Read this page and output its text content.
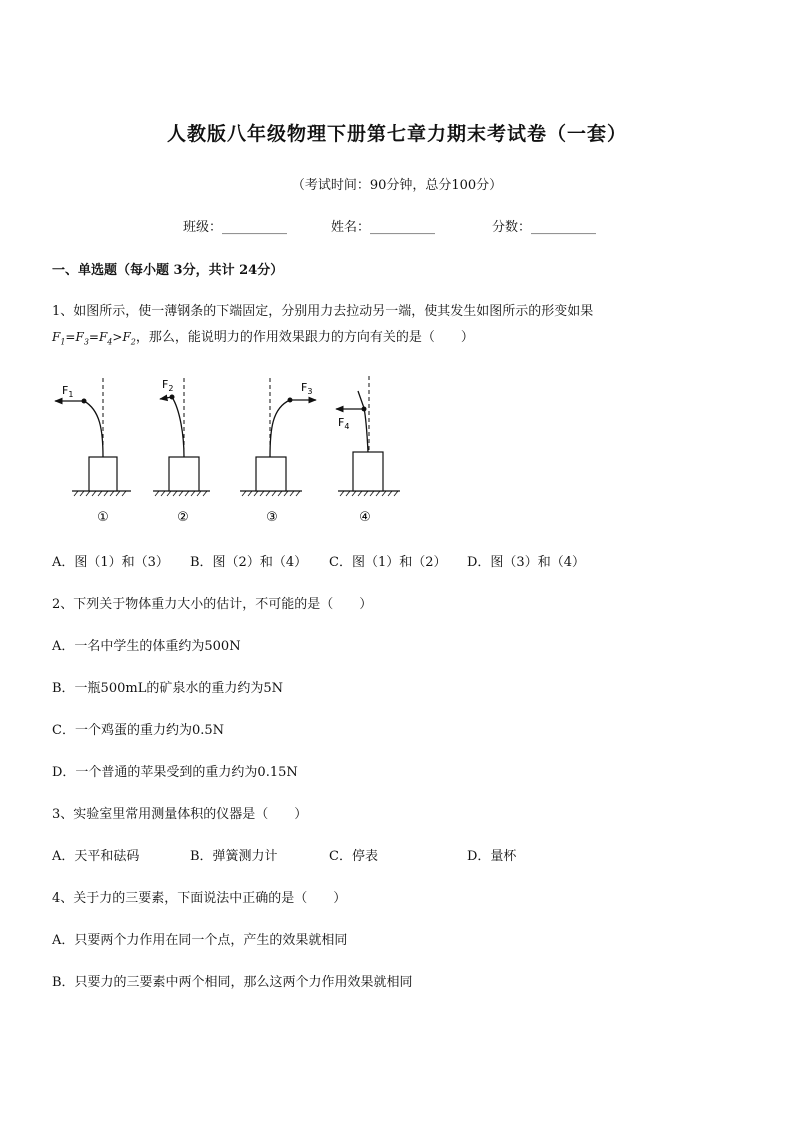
人教版八年级物理下册第七章力期末考试卷（一套）
（考试时间：90分钟，总分100分）
班级：__________	姓名：__________	分数：__________
一、单选题（每小题 3分，共计 24分）
1、如图所示，使一薄钢条的下端固定，分别用力去拉动另一端，使其发生如图所示的形变如果
$F_1=F_3=F_4>F_2$，那么，能说明力的作用效果跟力的方向有关的是（　　）
$F_1$
①
$F_2$
②
$F_3$
③
$F_4$
④
A．图（1）和（3） B．图（2）和（4） C．图（1）和（2） D．图（3）和（4）
2、下列关于物体重力大小的估计，不可能的是（　　）
A．一名中学生的体重约为500N
B．一瓶500mL的矿泉水的重力约为5N
C．一个鸡蛋的重力约为0.5N
D．一个普通的苹果受到的重力约为0.15N
3、实验室里常用测量体积的仪器是（　　）
A．天平和砝码	B．弹簧测力计	C．停表	D．量杯
4、关于力的三要素，下面说法中正确的是（　　）
A．只要两个力作用在同一个点，产生的效果就相同
B．只要力的三要素中两个相同，那么这两个力作用效果就相同
